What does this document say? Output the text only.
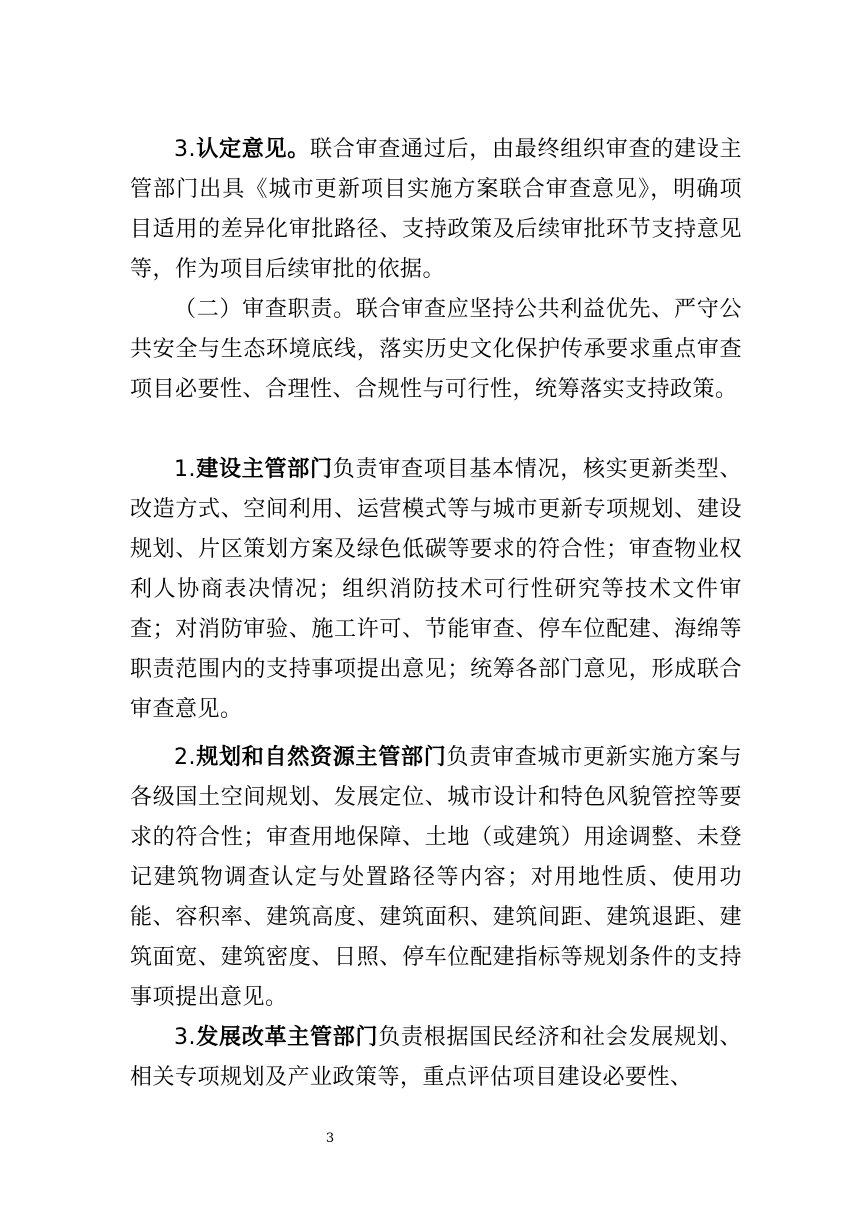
3.认定意见。联合审查通过后，由最终组织审查的建设主管部门出具《城市更新项目实施方案联合审查意见》，明确项目适用的差异化审批路径、支持政策及后续审批环节支持意见等，作为项目后续审批的依据。

（二）审查职责。联合审查应坚持公共利益优先、严守公共安全与生态环境底线，落实历史文化保护传承要求重点审查项目必要性、合理性、合规性与可行性，统筹落实支持政策。

1.建设主管部门负责审查项目基本情况，核实更新类型、改造方式、空间利用、运营模式等与城市更新专项规划、建设规划、片区策划方案及绿色低碳等要求的符合性；审查物业权利人协商表决情况；组织消防技术可行性研究等技术文件审查；对消防审验、施工许可、节能审查、停车位配建、海绵等职责范围内的支持事项提出意见；统筹各部门意见，形成联合审查意见。

2.规划和自然资源主管部门负责审查城市更新实施方案与各级国土空间规划、发展定位、城市设计和特色风貌管控等要求的符合性；审查用地保障、土地（或建筑）用途调整、未登记建筑物调查认定与处置路径等内容；对用地性质、使用功能、容积率、建筑高度、建筑面积、建筑间距、建筑退距、建筑面宽、建筑密度、日照、停车位配建指标等规划条件的支持事项提出意见。

3.发展改革主管部门负责根据国民经济和社会发展规划、相关专项规划及产业政策等，重点评估项目建设必要性、

3
